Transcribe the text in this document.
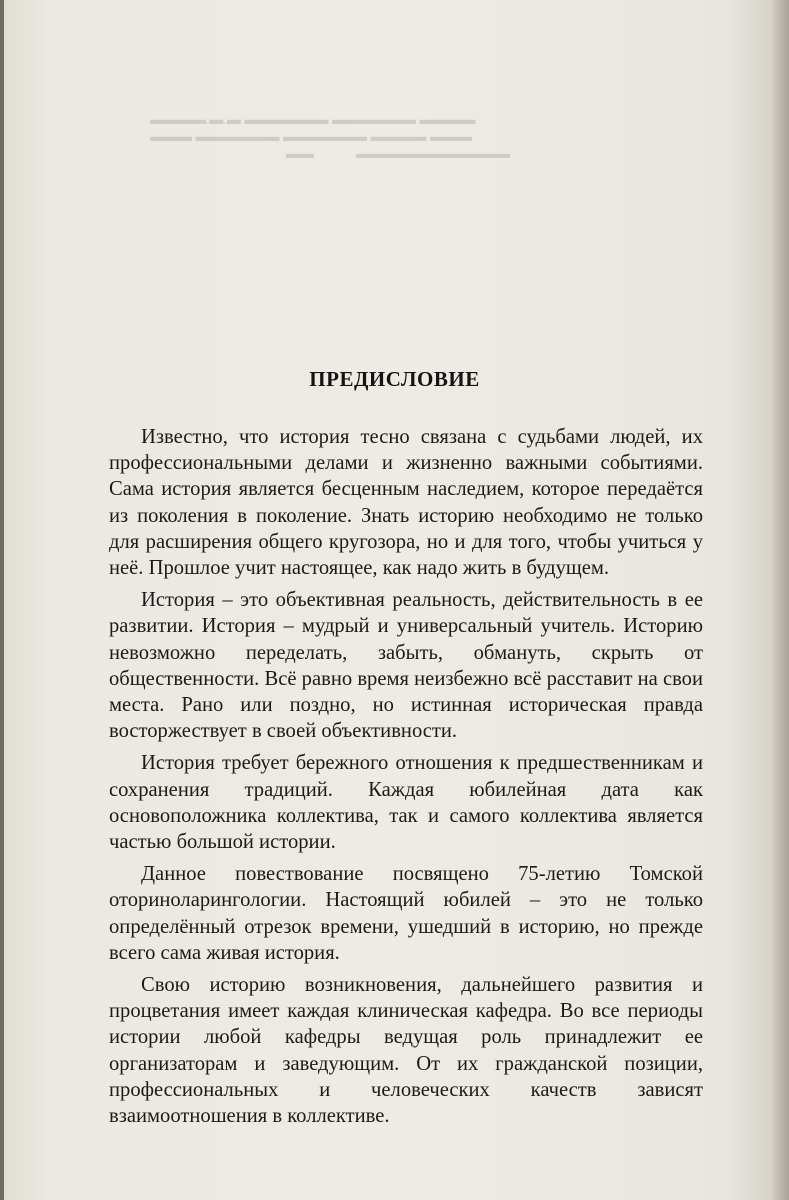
▬▬▬▬ ▬▬▬▬▬▬ ▬▬▬▬▬▬ ▬.▬.▬▬▬▬
▬▬▬ ▬▬▬▬ ▬▬▬▬▬▬ ▬▬▬▬▬▬ ▬▬▬
▬▬▬▬▬▬▬▬▬▬▬            ▬▬
ПРЕДИСЛОВИЕ

Известно, что история тесно связана с судьбами людей, их профессиональными делами и жизненно важными событиями. Сама история является бесценным наследием, которое передаётся из поколения в поколение. Знать историю необходимо не только для расширения общего кругозора, но и для того, чтобы учиться у неё. Прошлое учит настоящее, как надо жить в будущем.

История – это объективная реальность, действительность в ее развитии. История – мудрый и универсальный учитель. Историю невозможно переделать, забыть, обмануть, скрыть от общественности. Всё равно время неизбежно всё расставит на свои места. Рано или поздно, но истинная историческая правда восторжествует в своей объективности.

История требует бережного отношения к предшественникам и сохранения традиций. Каждая юбилейная дата как основоположника коллектива, так и самого коллектива является частью большой истории.

Данное повествование посвящено 75-летию Томской оториноларингологии. Настоящий юбилей – это не только определённый отрезок времени, ушедший в историю, но прежде всего сама живая история.

Свою историю возникновения, дальнейшего развития и процветания имеет каждая клиническая кафедра. Во все периоды истории любой кафедры ведущая роль принадлежит ее организаторам и заведующим. От их гражданской позиции, профессиональных и человеческих качеств зависят взаимоотношения в коллективе.
